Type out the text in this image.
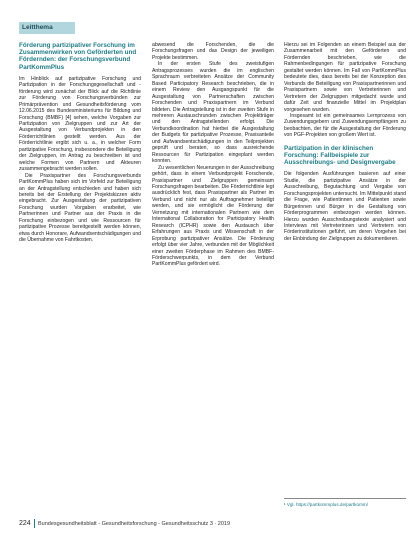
Leitthema
Förderung partizipativer Forschung im Zusammenwirken von Geförderten und Fördernden: der Forschungsverbund PartKommPlus

Im Hinblick auf partizipative Forschung und Partizipation in der Forschungsgesellschaft und -förderung wird zunächst der Blick auf die Richtlinie zur Förderung von Forschungsverbünden zur Primärprävention und Gesundheitsförderung vom 12.06.2015 des Bundesministeriums für Bildung und Forschung (BMBF) [4] sehen, welche Vorgaben zur Partizipation von Zielgruppen und zur Art der Ausgestaltung von Verbundprojekten in den Förderrichtlinien gestellt werden. Aus der Förderrichtlinie ergibt sich u. a., in welcher Form partizipative Forschung, insbesondere die Beteiligung der Zielgruppen, im Antrag zu beschreiben ist und welche Formen von Partnern und Akteuren zusammengebracht werden sollen.

Die Praxispartner des Forschungsverbunds PartKommPlus haben sich im Vorfeld zur Beteiligung an der Antragstellung entschieden und haben sich bereits bei der Erstellung der Projektskizzen aktiv eingebracht. Zur Ausgestaltung der partizipativen Forschung wurden Vorgaben erarbeitet, wie Partnerinnen und Partner aus der Praxis in die Forschung einbezogen und wie Ressourcen für partizipative Prozesse bereitgestellt werden können, etwa durch Honorare, Aufwandsentschädigungen und die Übernahme von Fahrtkosten.

abwesend die Forschenden, die die Forschungsfragen und das Design der jeweiligen Projekte bestimmen.

In der ersten Stufe des zweistufigen Antragsprozesses wurden die im englischen Sprachraum verbreiteten Ansätze der Community Based Participatory Research beschrieben, die in einem Review den Ausgangspunkt für die Ausgestaltung von Partnerschaften zwischen Forschenden und Praxispartnern im Verbund bildeten. Die Antragstellung ist in der zweiten Stufe in mehreren Austauschrunden zwischen Projektträger und den Antragstellenden erfolgt. Die Verbundkoordination hat hierbei die Ausgestaltung der Budgets für partizipative Prozesse, Praxisanteile und Aufwandsentschädigungen in den Teilprojekten geprüft und beraten, so dass ausreichende Ressourcen für Partizipation eingeplant werden konnten.

Zu wesentlichen Neuerungen in der Ausschreibung gehört, dass in einem Verbundprojekt Forschende, Praxispartner und Zielgruppen gemeinsam Forschungsfragen bearbeiten. Die Förderrichtlinie legt ausdrücklich fest, dass Praxispartner als Partner im Verbund und nicht nur als Auftragnehmer beteiligt werden, und sie ermöglicht die Förderung der Vernetzung mit internationalen Partnern wie dem International Collaboration for Participatory Health Research (ICPHR) sowie den Austausch über Erfahrungen aus Praxis und Wissenschaft in der Erprobung partizipativer Ansätze. Die Förderung erfolgt über vier Jahre, verbunden mit der Möglichkeit einer zweiten Förderphase im Rahmen des BMBF-Förderschwerpunkts, in dem der Verbund PartKommPlus gefördert wird.

Hierzu sei im Folgenden an einem Beispiel aus der Zusammenarbeit mit den Geförderten und Fördernden beschrieben, wie die Rahmenbedingungen für partizipative Forschung gestaltet werden können. Im Fall von PartKommPlus bedeutete dies, dass bereits bei der Konzeption des Verbunds die Beteiligung von Praxispartnerinnen und Praxispartnern sowie von Vertreterinnen und Vertretern der Zielgruppen mitgedacht wurde und dafür Zeit und finanzielle Mittel im Projektplan vorgesehen wurden.

Insgesamt ist ein gemeinsames Lernprozess von Zuwendungsgebern und Zuwendungsempfängern zu beobachten, der für die Ausgestaltung der Förderung von PGF-Projekten von großem Wert ist.

Partizipation in der klinischen Forschung: Fallbeispiele zur Ausschreibungs- und Designvergabe

Die folgenden Ausführungen basieren auf einer Studie, die partizipative Ansätze in der Ausschreibung, Begutachtung und Vergabe von Forschungsprojekten untersucht. Im Mittelpunkt stand die Frage, wie Patientinnen und Patienten sowie Bürgerinnen und Bürger in die Gestaltung von Förderprogrammen einbezogen werden können. Hierzu wurden Ausschreibungstexte analysiert und Interviews mit Vertreterinnen und Vertretern von Förderinstitutionen geführt, um deren Vorgehen bei der Einbindung der Zielgruppen zu dokumentieren.

¹ Vgl. https://partkommplus.de/partkomm/
224 Bundesgesundheitsblatt - Gesundheitsforschung - Gesundheitsschutz 3 · 2019
